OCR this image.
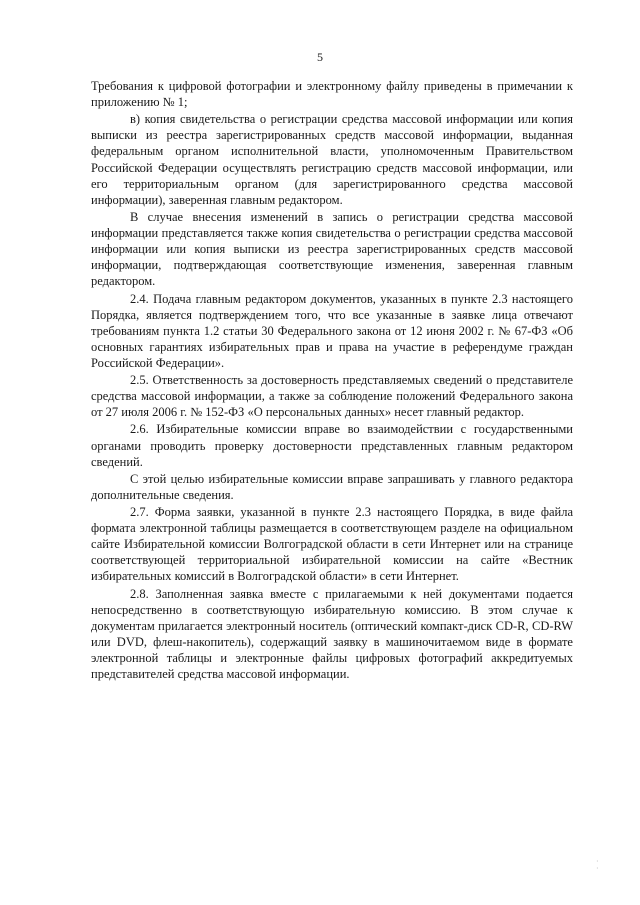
5

Требования к цифровой фотографии и электронному файлу приведены в примечании к приложению № 1;

в) копия свидетельства о регистрации средства массовой информации или копия выписки из реестра зарегистрированных средств массовой информации, выданная федеральным органом исполнительной власти, уполномоченным Правительством Российской Федерации осуществлять регистрацию средств массовой информации, или его территориальным органом (для зарегистрированного средства массовой информации), заверенная главным редактором.

В случае внесения изменений в запись о регистрации средства массовой информации представляется также копия свидетельства о регистрации средства массовой информации или копия выписки из реестра зарегистрированных средств массовой информации, подтверждающая соответствующие изменения, заверенная главным редактором.

2.4. Подача главным редактором документов, указанных в пункте 2.3 настоящего Порядка, является подтверждением того, что все указанные в заявке лица отвечают требованиям пункта 1.2 статьи 30 Федерального закона от 12 июня 2002 г. № 67-ФЗ «Об основных гарантиях избирательных прав и права на участие в референдуме граждан Российской Федерации».

2.5. Ответственность за достоверность представляемых сведений о представителе средства массовой информации, а также за соблюдение положений Федерального закона от 27 июля 2006 г. № 152-ФЗ «О персональных данных» несет главный редактор.

2.6. Избирательные комиссии вправе во взаимодействии с государственными органами проводить проверку достоверности представленных главным редактором сведений.

С этой целью избирательные комиссии вправе запрашивать у главного редактора дополнительные сведения.

2.7. Форма заявки, указанной в пункте 2.3 настоящего Порядка, в виде файла формата электронной таблицы размещается в соответствующем разделе на официальном сайте Избирательной комиссии Волгоградской области в сети Интернет или на странице соответствующей территориальной избирательной комиссии на сайте «Вестник избирательных комиссий в Волгоградской области» в сети Интернет.

2.8. Заполненная заявка вместе с прилагаемыми к ней документами подается непосредственно в соответствующую избирательную комиссию. В этом случае к документам прилагается электронный носитель (оптический компакт-диск CD-R, CD-RW или DVD, флеш-накопитель), содержащий заявку в машиночитаемом виде в формате электронной таблицы и электронные файлы цифровых фотографий аккредитуемых представителей средства массовой информации.

·
·
